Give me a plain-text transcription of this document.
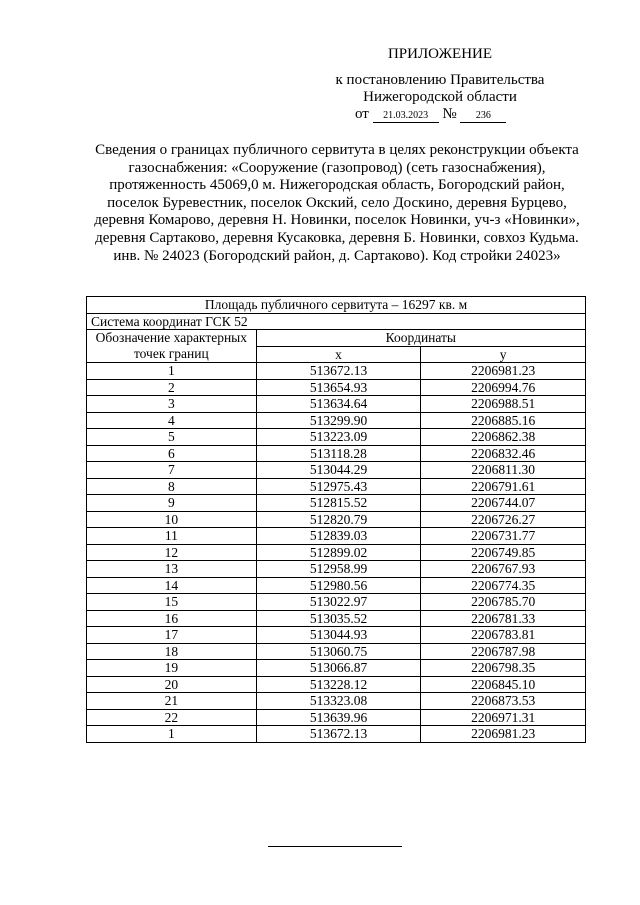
ПРИЛОЖЕНИЕ
к постановлению Правительства
Нижегородской области
от 21.03.2023 № 236
Сведения о границах публичного сервитута в целях реконструкции объекта газоснабжения: «Сооружение (газопровод) (сеть газоснабжения), протяженность 45069,0 м. Нижегородская область, Богородский район, поселок Буревестник, поселок Окский, село Доскино, деревня Бурцево, деревня Комарово, деревня Н. Новинки, поселок Новинки, уч-з «Новинки», деревня Сартаково, деревня Кусаковка, деревня Б. Новинки, совхоз Кудьма. инв. № 24023 (Богородский район, д. Сартаково). Код стройки 24023»
Площадь публичного сервитута – 16297 кв. м		
Система координат ГСК 52		
Обозначение характерных точек границ	Координаты	
	x	y
1	513672.13	2206981.23
2	513654.93	2206994.76
3	513634.64	2206988.51
4	513299.90	2206885.16
5	513223.09	2206862.38
6	513118.28	2206832.46
7	513044.29	2206811.30
8	512975.43	2206791.61
9	512815.52	2206744.07
10	512820.79	2206726.27
11	512839.03	2206731.77
12	512899.02	2206749.85
13	512958.99	2206767.93
14	512980.56	2206774.35
15	513022.97	2206785.70
16	513035.52	2206781.33
17	513044.93	2206783.81
18	513060.75	2206787.98
19	513066.87	2206798.35
20	513228.12	2206845.10
21	513323.08	2206873.53
22	513639.96	2206971.31
1	513672.13	2206981.23
